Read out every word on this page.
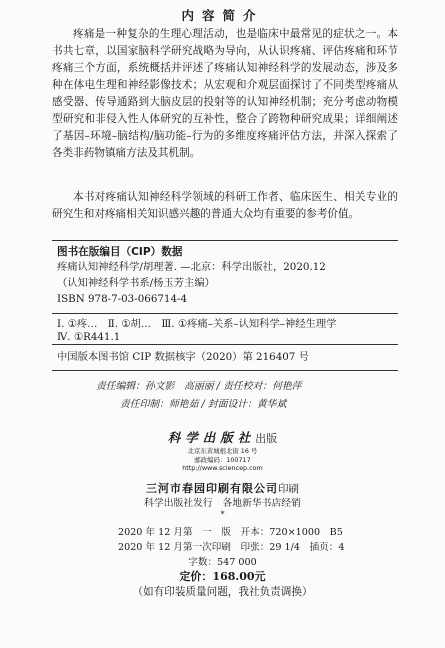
内容简介

疼痛是一种复杂的生理心理活动，也是临床中最常见的症状之一。本书共七章，以国家脑科学研究战略为导向，从认识疼痛、评估疼痛和环节疼痛三个方面，系统概括并评述了疼痛认知神经科学的发展动态，涉及多种在体电生理和神经影像技术；从宏观和介观层面探讨了不同类型疼痛从感受器、传导通路到大脑皮层的投射等的认知神经机制；充分考虑动物模型研究和非侵入性人体研究的互补性，整合了跨物种研究成果；详细阐述了基因–环境–脑结构/脑功能–行为的多维度疼痛评估方法，并深入探索了各类非药物镇痛方法及其机制。

本书对疼痛认知神经科学领域的科研工作者、临床医生、相关专业的研究生和对疼痛相关知识感兴趣的普通大众均有重要的参考价值。

图书在版编目（CIP）数据
疼痛认知神经科学/胡理著. —北京：科学出版社，2020.12
（认知神经科学书系/杨玉芳主编）
ISBN 978-7-03-066714-4
Ⅰ. ①疼…　Ⅱ. ①胡…　Ⅲ. ①疼痛–关系–认知科学–神经生理学
Ⅳ. ①R441.1
中国版本图书馆 CIP 数据核字（2020）第 216407 号
责任编辑：孙文影　高丽丽 / 责任校对：何艳萍
责任印制：师艳茹 / 封面设计：黄华斌
科学出版社出版
北京东黄城根北街 16 号
邮政编码：100717
http://www.sciencep.com
三河市春园印刷有限公司印刷
科学出版社发行　各地新华书店经销
*
2020 年 12 月第　一　版　开本：720×1000　B5
2020 年 12 月第一次印刷　印张：29 1/4　插页：4
字数：547 000
定价：168.00元
（如有印装质量问题，我社负责调换）
